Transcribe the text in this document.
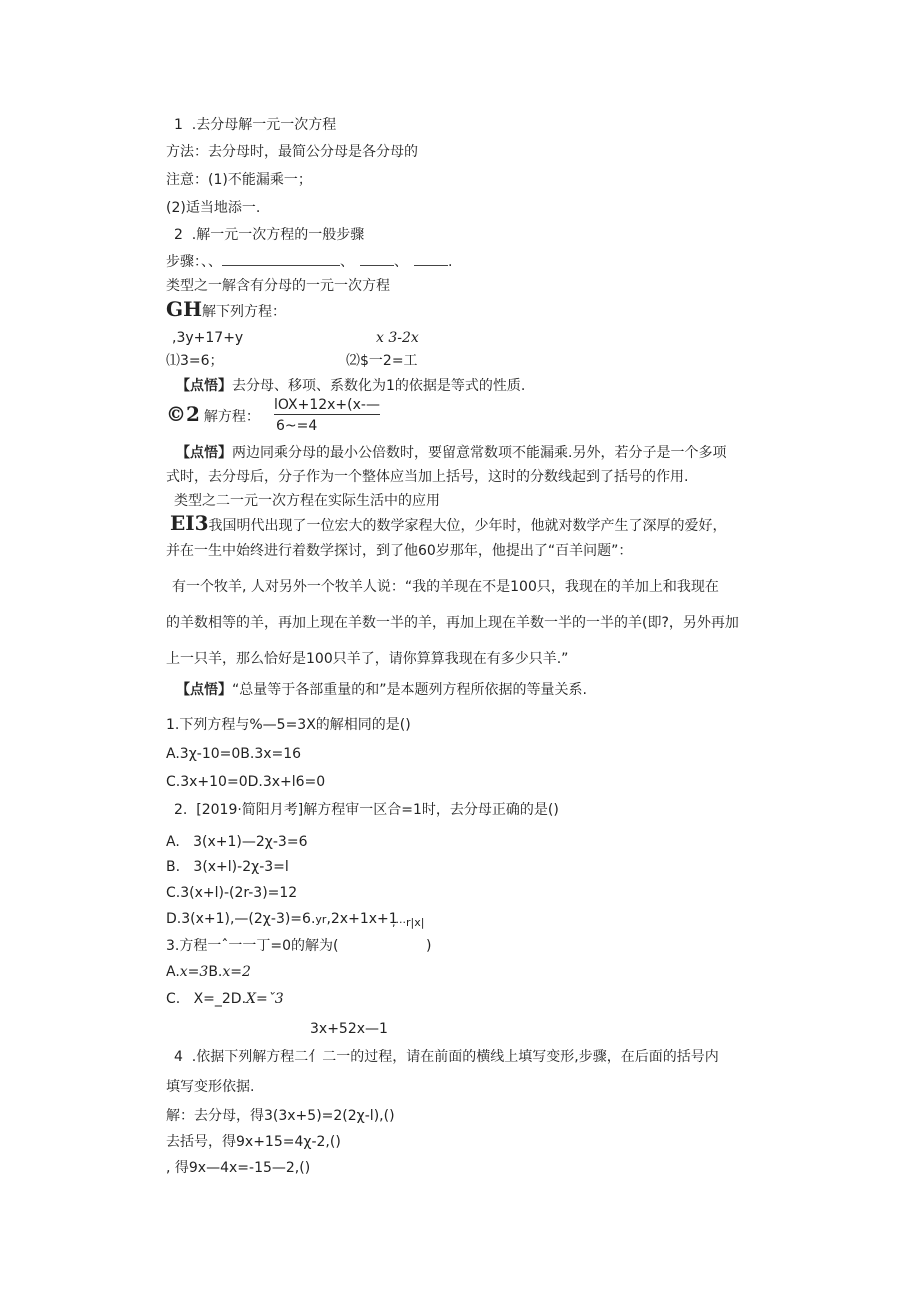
1  .去分母解一元一次方程
方法：去分母时，最简公分母是各分母的
注意：(1)不能漏乘一；
(2)适当地添一.
2  .解一元一次方程的一般步骤
步骤：、、	、	、	.
类型之一解含有分母的一元一次方程
GH解下列方程：
,3y+17+y	x 3-2x
⑴3=6；	⑵$一2=工
【点悟】去分母、移项、系数化为1的依据是等式的性质.
©2 解方程：
lOX+12x+(x-—
6~=4
【点悟】两边同乘分母的最小公倍数时，要留意常数项不能漏乘.另外，若分子是一个多项
式时，去分母后，分子作为一个整体应当加上括号，这时的分数线起到了括号的作用.
类型之二一元一次方程在实际生活中的应用
EI3我国明代出现了一位宏大的数学家程大位，少年时，他就对数学产生了深厚的爱好，
并在一生中始终进行着数学探讨，到了他60岁那年，他提出了“百羊问题”：
有一个牧羊, 人对另外一个牧羊人说：“我的羊现在不是100只，我现在的羊加上和我现在
的羊数相等的羊，再加上现在羊数一半的羊，再加上现在羊数一半的一半的羊(即?，另外再加
上一只羊，那么恰好是100只羊了，请你算算我现在有多少只羊.”
【点悟】“总量等于各部重量的和”是本题列方程所依据的等量关系.
1.下列方程与%—5=3X的解相同的是()
A.3χ-10=0B.3x=16
C.3x+10=0D.3x+l6=0
2.  [2019·简阳月考]解方程审一区合=1时，去分母正确的是()
A.   3(x+1)—2χ-3=6
B.   3(x+l)-2χ-3=l
C.3(x+l)-(2r-3)=12
D.3(x+1),—(2χ-3)=6.yr,2x+1x+1
,···r|x|
3.方程一ˆ一一丁=0的解为(	)
A.x=3B.x=2
C.   X=_2D.X=ˇ3
3x+52x—1
4  .依据下列解方程二亻二一的过程，请在前面的横线上填写变形,步骤，在后面的括号内
填写变形依据.
解：去分母，得3(3x+5)=2(2χ-l),()
去括号，得9x+15=4χ-2,()
, 得9x—4x=-15—2,()
